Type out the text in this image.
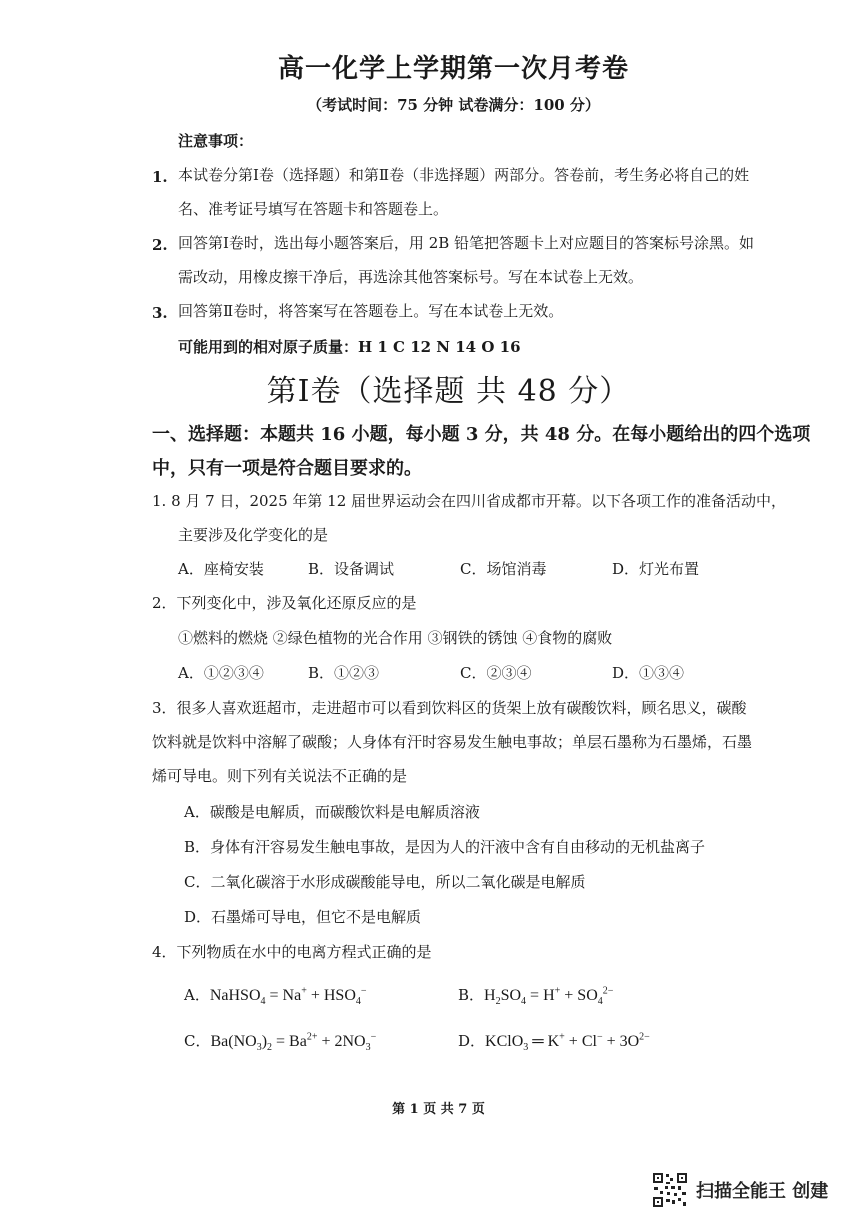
高一化学上学期第一次月考卷
（考试时间：75 分钟 试卷满分：100 分）
注意事项：
1. 本试卷分第Ⅰ卷（选择题）和第Ⅱ卷（非选择题）两部分。答卷前，考生务必将自己的姓
名、准考证号填写在答题卡和答题卷上。
2. 回答第Ⅰ卷时，选出每小题答案后，用 2B 铅笔把答题卡上对应题目的答案标号涂黑。如
需改动，用橡皮擦干净后，再选涂其他答案标号。写在本试卷上无效。
3. 回答第Ⅱ卷时，将答案写在答题卷上。写在本试卷上无效。
可能用到的相对原子质量：H 1 C 12 N 14 O 16
第Ⅰ卷（选择题 共 48 分）
一、选择题：本题共 16 小题，每小题 3 分，共 48 分。在每小题给出的四个选项
中，只有一项是符合题目要求的。
1. 8 月 7 日，2025 年第 12 届世界运动会在四川省成都市开幕。以下各项工作的准备活动中，
主要涉及化学变化的是
A．座椅安装	B．设备调试	C．场馆消毒	D．灯光布置
2．下列变化中，涉及氧化还原反应的是
①燃料的燃烧 ②绿色植物的光合作用 ③钢铁的锈蚀 ④食物的腐败
A．①②③④	B．①②③	C．②③④	D．①③④
3．很多人喜欢逛超市，走进超市可以看到饮料区的货架上放有碳酸饮料，顾名思义，碳酸
饮料就是饮料中溶解了碳酸；人身体有汗时容易发生触电事故；单层石墨称为石墨烯，石墨
烯可导电。则下列有关说法不正确的是
A．碳酸是电解质，而碳酸饮料是电解质溶液
B．身体有汗容易发生触电事故，是因为人的汗液中含有自由移动的无机盐离子
C．二氧化碳溶于水形成碳酸能导电，所以二氧化碳是电解质
D．石墨烯可导电，但它不是电解质
4．下列物质在水中的电离方程式正确的是
A．NaHSO$_4$ = $Na^+ + HSO_4^-$	B．$H_2SO_4 = H^+ + SO_4^{2-}$
C．$Ba(NO_3)_2 = Ba^{2+} + 2NO_3^-$	D．KClO$_3$ ═ $K^+ + Cl^- + 3O^{2-}$
第 1 页 共 7 页
扫描全能王 创建
